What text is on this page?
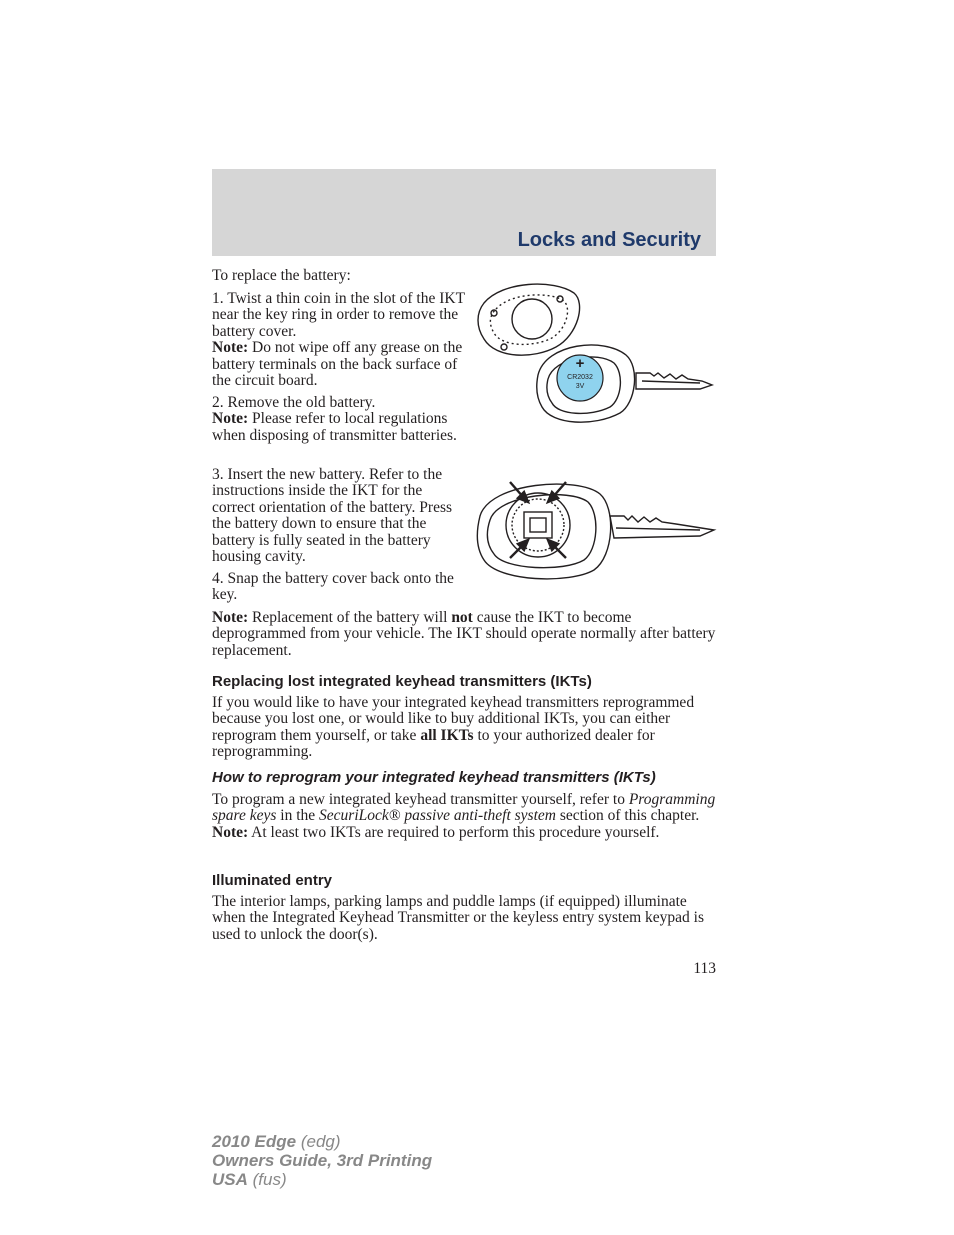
Locks and Security
To replace the battery:

1. Twist a thin coin in the slot of the IKT near the key ring in order to remove the battery cover.

Note: Do not wipe off any grease on the battery terminals on the back surface of the circuit board.

2. Remove the old battery.

Note: Please refer to local regulations when disposing of transmitter batteries.

3. Insert the new battery. Refer to the instructions inside the IKT for the correct orientation of the battery. Press the battery down to ensure that the battery is fully seated in the battery housing cavity.

4. Snap the battery cover back onto the key.

Note: Replacement of the battery will not cause the IKT to become deprogrammed from your vehicle. The IKT should operate normally after battery replacement.
Replacing lost integrated keyhead transmitters (IKTs)
If you would like to have your integrated keyhead transmitters reprogrammed because you lost one, or would like to buy additional IKTs, you can either reprogram them yourself, or take all IKTs to your authorized dealer for reprogramming.
How to reprogram your integrated keyhead transmitters (IKTs)
To program a new integrated keyhead transmitter yourself, refer to Programming spare keys in the SecuriLock® passive anti-theft system section of this chapter. Note: At least two IKTs are required to perform this procedure yourself.
Illuminated entry
The interior lamps, parking lamps and puddle lamps (if equipped) illuminate when the Integrated Keyhead Transmitter or the keyless entry system keypad is used to unlock the door(s).
+
CR2032
3V
113
2010 Edge (edg)
Owners Guide, 3rd Printing
USA (fus)
